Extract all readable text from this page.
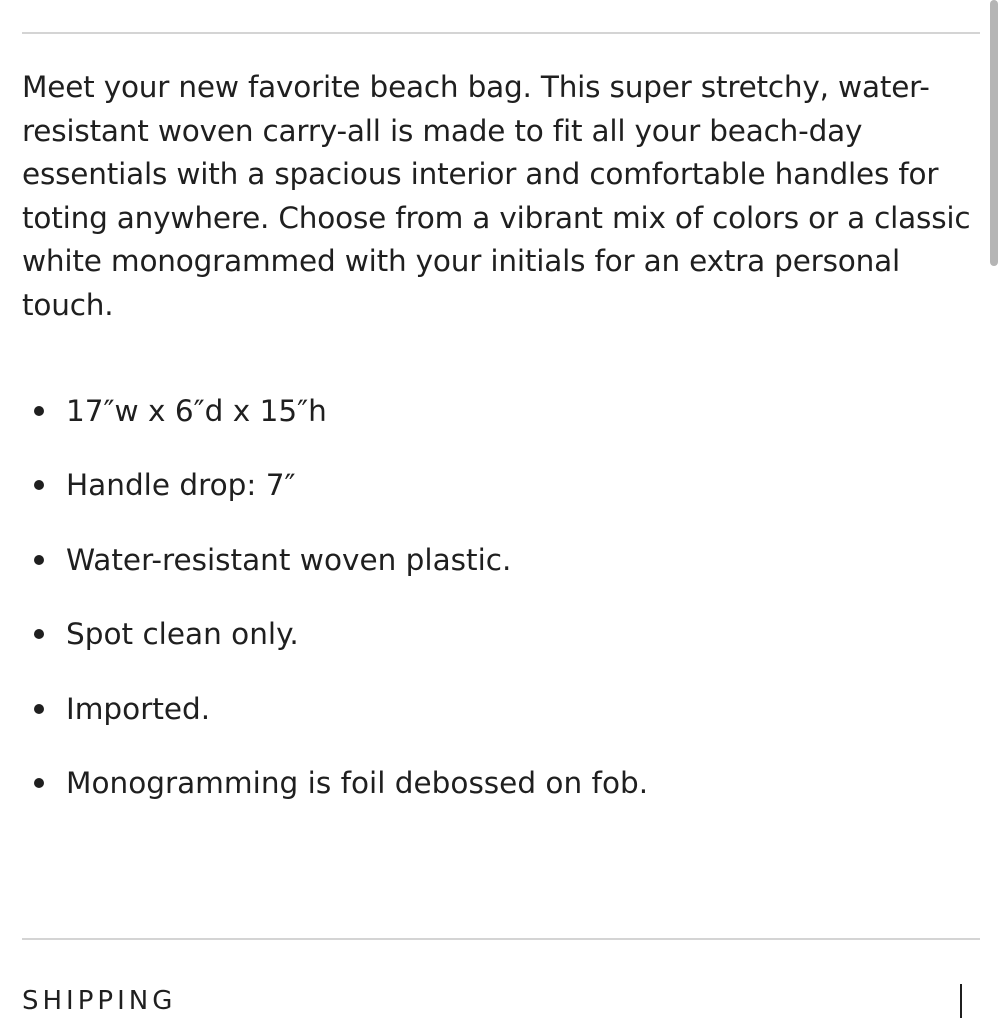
Meet your new favorite beach bag. This super stretchy, water-
resistant woven carry-all is made to fit all your beach-day
essentials with a spacious interior and comfortable handles for
toting anywhere. Choose from a vibrant mix of colors or a classic
white monogrammed with your initials for an extra personal touch.

17″w x 6″d x 15″h
Handle drop: 7″
Water-resistant woven plastic.
Spot clean only.
Imported.
Monogramming is foil debossed on fob.
SHIPPING
